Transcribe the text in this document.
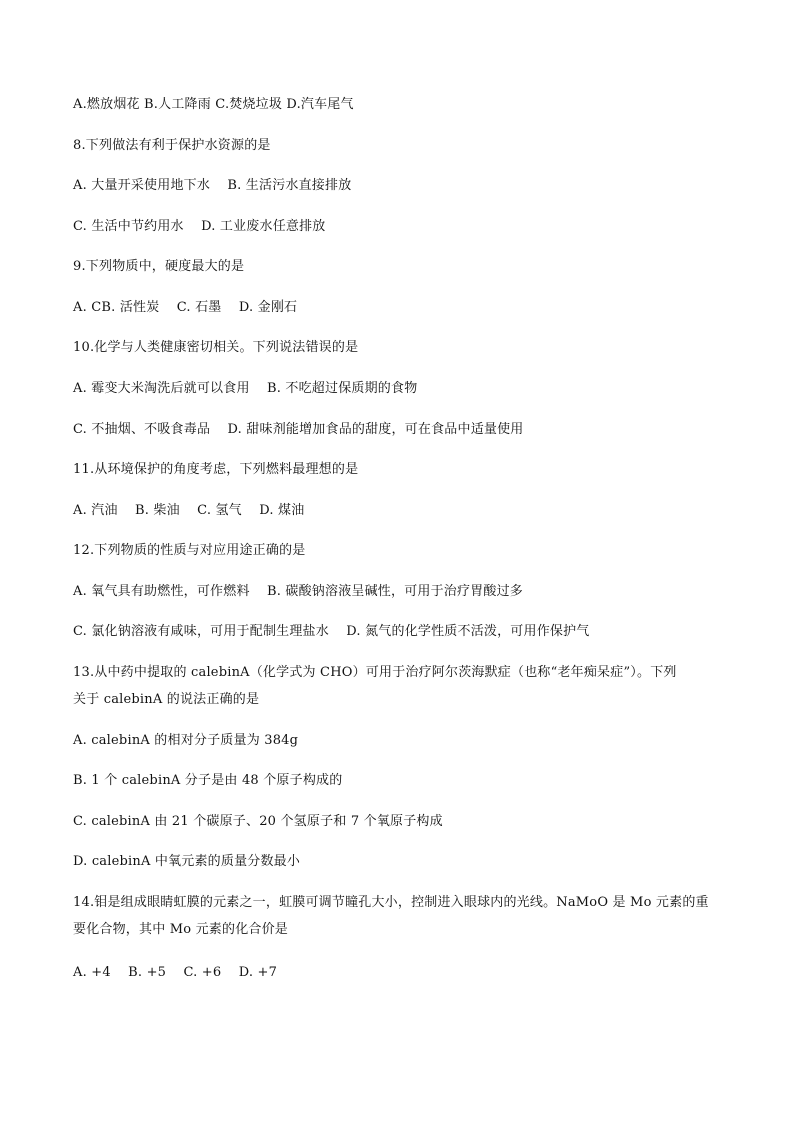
A.燃放烟花 B.人工降雨 C.焚烧垃圾 D.汽车尾气
8.下列做法有利于保护水资源的是
A. 大量开采使用地下水    B. 生活污水直接排放
C. 生活中节约用水    D. 工业废水任意排放
9.下列物质中，硬度最大的是
A. CB. 活性炭    C. 石墨    D. 金刚石
10.化学与人类健康密切相关。下列说法错误的是
A. 霉变大米淘洗后就可以食用    B. 不吃超过保质期的食物
C. 不抽烟、不吸食毒品    D. 甜味剂能增加食品的甜度，可在食品中适量使用
11.从环境保护的角度考虑，下列燃料最理想的是
A. 汽油    B. 柴油    C. 氢气    D. 煤油
12.下列物质的性质与对应用途正确的是
A. 氧气具有助燃性，可作燃料    B. 碳酸钠溶液呈碱性，可用于治疗胃酸过多
C. 氯化钠溶液有咸味，可用于配制生理盐水    D. 氮气的化学性质不活泼，可用作保护气
13.从中药中提取的 calebinA（化学式为 CHO）可用于治疗阿尔茨海默症（也称“老年痴呆症”）。下列
关于 calebinA 的说法正确的是
A. calebinA 的相对分子质量为 384g
B. 1 个 calebinA 分子是由 48 个原子构成的
C. calebinA 由 21 个碳原子、20 个氢原子和 7 个氧原子构成
D. calebinA 中氧元素的质量分数最小
14.钼是组成眼睛虹膜的元素之一，虹膜可调节瞳孔大小，控制进入眼球内的光线。NaMoO 是 Mo 元素的重
要化合物，其中 Mo 元素的化合价是
A. +4    B. +5    C. +6    D. +7
